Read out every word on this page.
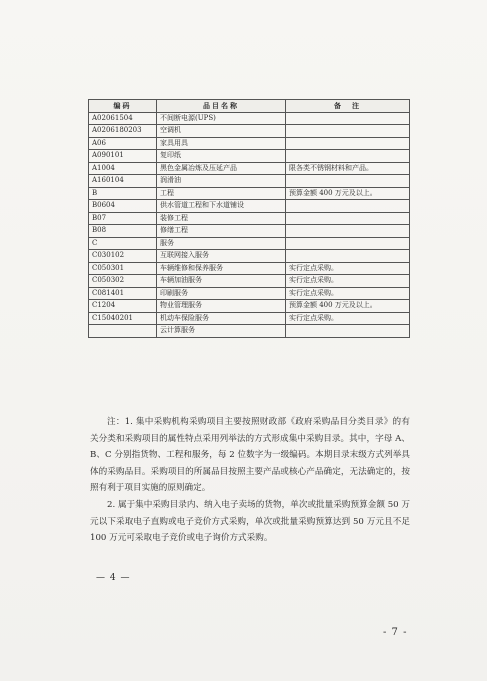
编码	品目名称	备　注
A02061504	不间断电源(UPS)	
A0206180203	空调机	
A06	家具用具	
A090101	复印纸	
A1004	黑色金属冶炼及压延产品	限各类不锈钢材料和产品。
A160104	润滑油	
B	工程	预算金额 400 万元及以上。
B0604	供水管道工程和下水道铺设	
B07	装修工程	
B08	修缮工程	
C	服务	
C030102	互联网接入服务	
C050301	车辆维修和保养服务	实行定点采购。
C050302	车辆加油服务	实行定点采购。
C081401	印刷服务	实行定点采购。
C1204	物业管理服务	预算金额 400 万元及以上。
C15040201	机动车保险服务	实行定点采购。
	云计算服务	

注：1. 集中采购机构采购项目主要按照财政部《政府采购品目分类目录》的有关分类和采购项目的属性特点采用列举法的方式形成集中采购目录。其中，字母 A、B、C 分别指货物、工程和服务，每 2 位数字为一级编码。本期目录末级方式列举具体的采购品目。采购项目的所属品目按照主要产品或核心产品确定，无法确定的，按照有利于项目实施的原则确定。

2. 属于集中采购目录内、纳入电子卖场的货物，单次或批量采购预算金额 50 万元以下采取电子直购或电子竞价方式采购，单次或批量采购预算达到 50 万元且不足 100 万元可采取电子竞价或电子询价方式采购。

— 4 —
- 7 -
